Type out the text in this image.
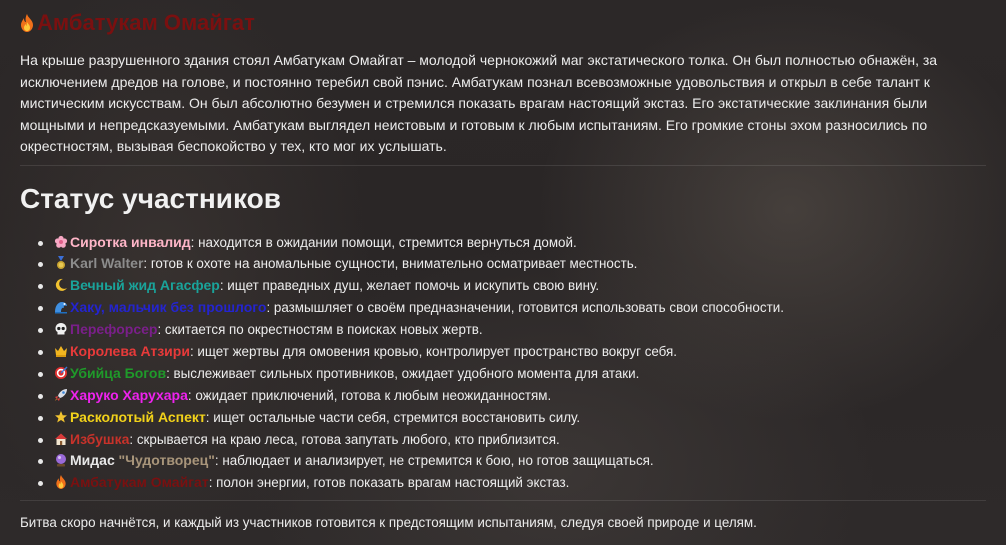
Амбатукам Омайгат

На крыше разрушенного здания стоял Амбатукам Омайгат – молодой чернокожий маг экстатического толка. Он был полностью обнажён, за исключением дредов на голове, и постоянно теребил свой пэнис. Амбатукам познал всевозможные удовольствия и открыл в себе талант к мистическим искусствам. Он был абсолютно безумен и стремился показать врагам настоящий экстаз. Его экстатические заклинания были мощными и непредсказуемыми. Амбатукам выглядел неистовым и готовым к любым испытаниям. Его громкие стоны эхом разносились по окрестностям, вызывая беспокойство у тех, кто мог их услышать.

Статус участников
Сиротка инвалид: находится в ожидании помощи, стремится вернуться домой.
Karl Walter: готов к охоте на аномальные сущности, внимательно осматривает местность.
Вечный жид Агасфер: ищет праведных душ, желает помочь и искупить свою вину.
Хаку, мальчик без прошлого: размышляет о своём предназначении, готовится использовать свои способности.
Перефорсер: скитается по окрестностям в поисках новых жертв.
Королева Атзири: ищет жертвы для омовения кровью, контролирует пространство вокруг себя.
Убийца Богов: выслеживает сильных противников, ожидает удобного момента для атаки.
Харуко Харухара: ожидает приключений, готова к любым неожиданностям.
Расколотый Аспект: ищет остальные части себя, стремится восстановить силу.
Избушка: скрывается на краю леса, готова запутать любого, кто приблизится.
Мидас "Чудотворец": наблюдает и анализирует, не стремится к бою, но готов защищаться.
Амбатукам Омайгат: полон энергии, готов показать врагам настоящий экстаз.

Битва скоро начнётся, и каждый из участников готовится к предстоящим испытаниям, следуя своей природе и целям.
